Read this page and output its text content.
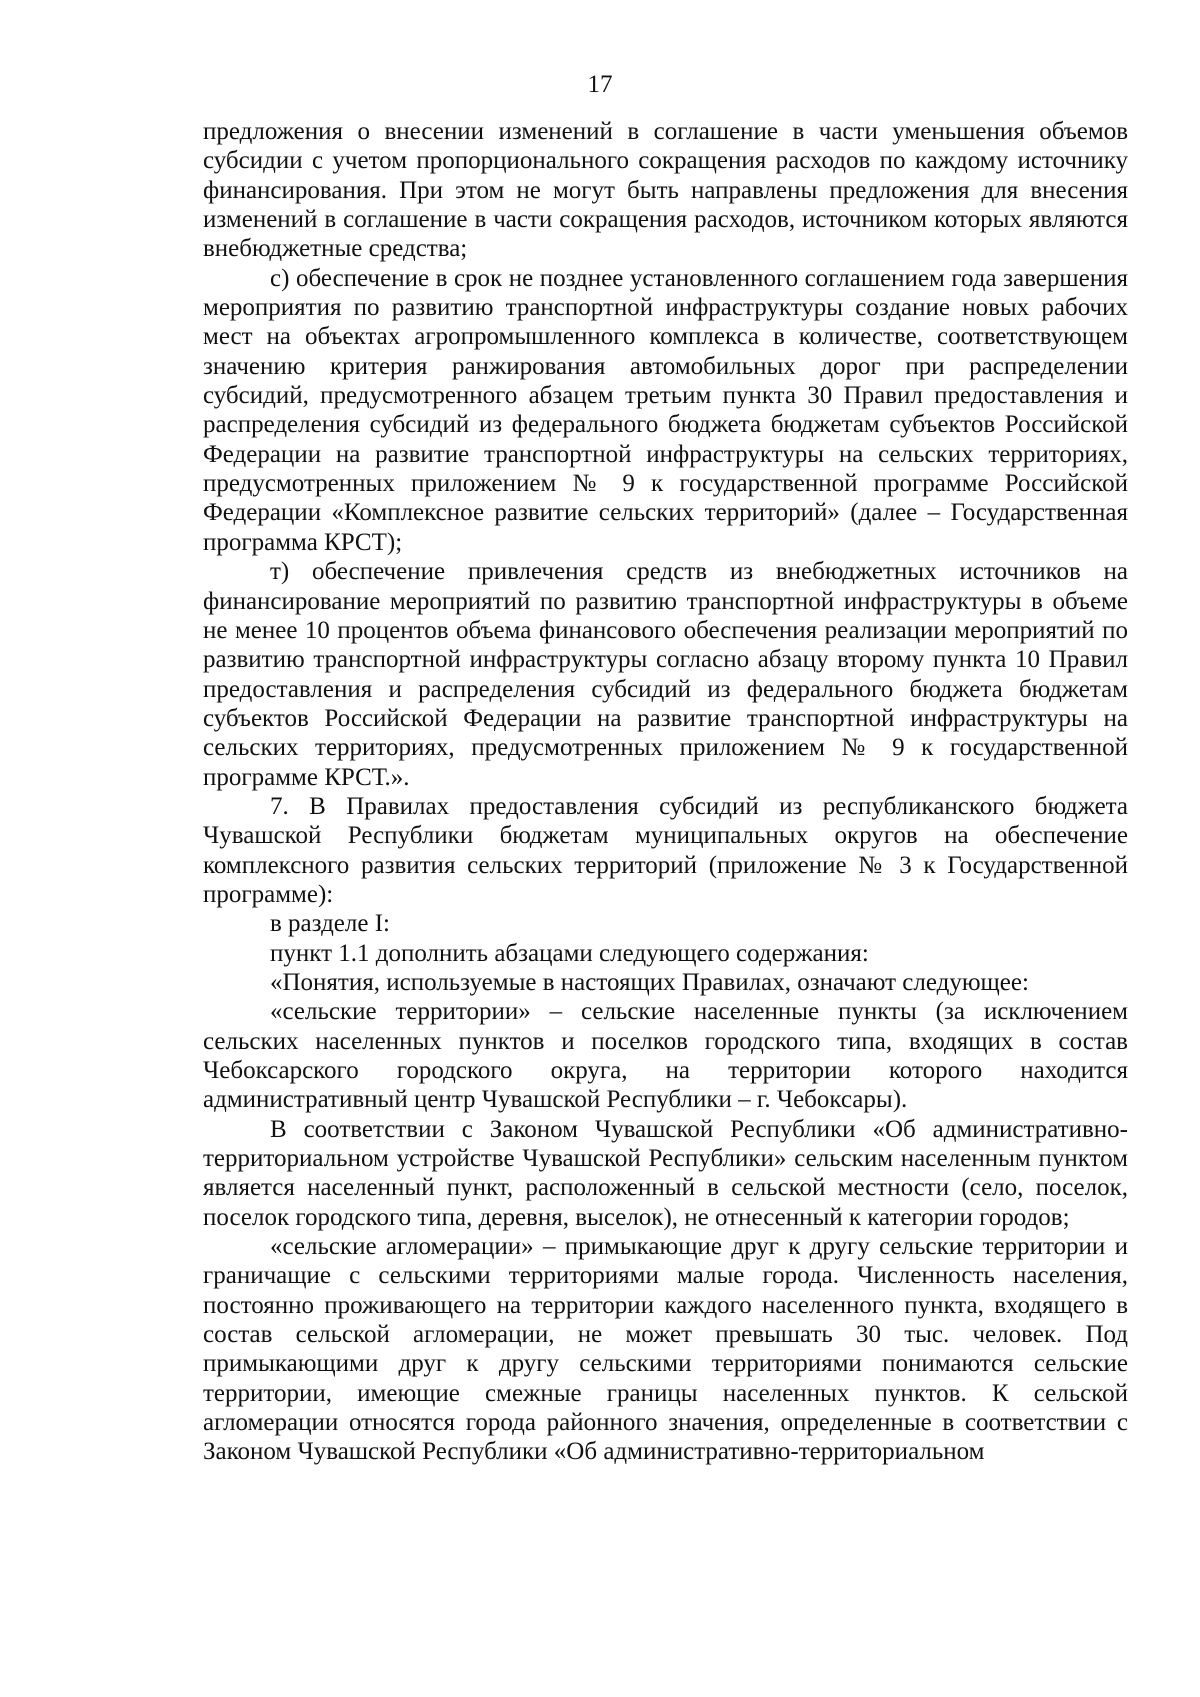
17

предложения о внесении изменений в соглашение в части уменьшения объемов субсидии с учетом пропорционального сокращения расходов по каждому источнику финансирования. При этом не могут быть направлены предложения для внесения изменений в соглашение в части сокращения расходов, источником которых являются внебюджетные средства;

с) обеспечение в срок не позднее установленного соглашением года завершения мероприятия по развитию транспортной инфраструктуры создание новых рабочих мест на объектах агропромышленного комплекса в количестве, соответствующем значению критерия ранжирования автомобильных дорог при распределении субсидий, предусмотренного абзацем третьим пункта 30 Правил предоставления и распределения субсидий из федерального бюджета бюджетам субъектов Российской Федерации на развитие транспортной инфраструктуры на сельских территориях, предусмотренных приложением № 9 к государственной программе Российской Федерации «Комплексное развитие сельских территорий» (далее – Государственная программа КРСТ);

т) обеспечение привлечения средств из внебюджетных источников на финансирование мероприятий по развитию транспортной инфраструктуры в объеме не менее 10 процентов объема финансового обеспечения реализации мероприятий по развитию транспортной инфраструктуры согласно абзацу второму пункта 10 Правил предоставления и распределения субсидий из федерального бюджета бюджетам субъектов Российской Федерации на развитие транспортной инфраструктуры на сельских территориях, предусмотренных приложением № 9 к государственной программе КРСТ.».

7. В Правилах предоставления субсидий из республиканского бюджета Чувашской Республики бюджетам муниципальных округов на обеспечение комплексного развития сельских территорий (приложение № 3 к Государственной программе):

в разделе I:

пункт 1.1 дополнить абзацами следующего содержания:

«Понятия, используемые в настоящих Правилах, означают следующее:

«сельские территории» – сельские населенные пункты (за исключением сельских населенных пунктов и поселков городского типа, входящих в состав Чебоксарского городского округа, на территории которого находится административный центр Чувашской Республики – г. Чебоксары).

В соответствии с Законом Чувашской Республики «Об административно-территориальном устройстве Чувашской Республики» сельским населенным пунктом является населенный пункт, расположенный в сельской местности (село, поселок, поселок городского типа, деревня, выселок), не отнесенный к категории городов;

«сельские агломерации» – примыкающие друг к другу сельские территории и граничащие с сельскими территориями малые города. Численность населения, постоянно проживающего на территории каждого населенного пункта, входящего в состав сельской агломерации, не может превышать 30 тыс. человек. Под примыкающими друг к другу сельскими территориями понимаются сельские территории, имеющие смежные границы населенных пунктов. К сельской агломерации относятся города районного значения, определенные в соответствии с Законом Чувашской Республики «Об административно-территориальном
